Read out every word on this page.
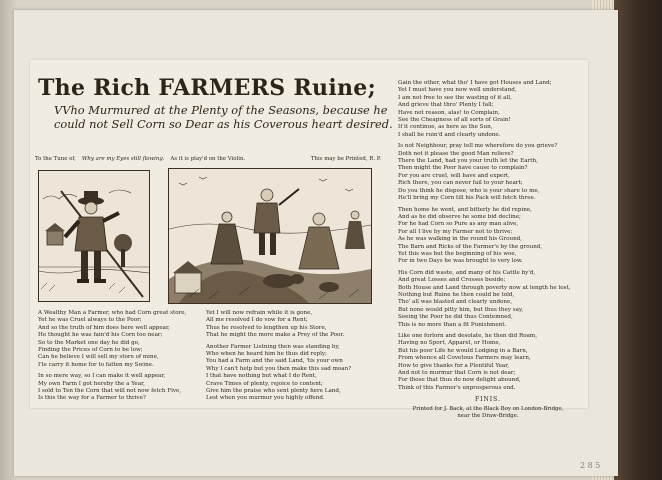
The Rich FARMERS Ruine;
VVho Murmured at the Plenty of the Seasons, because he could not Sell Corn so Dear as his Coverous heart desired.
To the Tune of, Why are my Eyes still flowing. As it is play'd on the Violin.	This may be Printed, R. P.

A Wealthy Man a Farmer, who had Corn great store,

Yet he was Cruel always to the Poor;

And so the truth of him does here well appear,

He thought he was fain'd his Corn too near;

So to the Market one day he did go,

Finding the Prices of Corn to be low;

Can he believe I will sell my store of mine,

I'le carry it home for to fatten my Swine.

In so mere way, so I can make it well appear,

My own Farm I got hereby the a Year,

I sold to Ten the Corn that will not now fetch Five,

Is this the way for a Farmer to thrive?

Yet I will now refrain while it is gone,

All me resolved I do vow for a Rent;

Thus he resolved to lengthen up his Store,

That he might the more make a Prey of the Poor.

Another Farmer Listning then was standing by,

Who when he heard him he thus did reply;

You had a Farm and the said Land, 'tis your own

Why I can't help but you then make this sad moan?

I that have nothing but what I do Rent,

Crave Times of plenty, rejoice to content;

Give him the praise who sent plenty here Land,

Lest when you murmur you highly offend.

Gain the other, what tho' I have got Houses and Land;

Yet I must have you now well understand,

I am not free to see the wasting of it all,

And grieve that thro' Plenty I fall;

Have not reason, alas! to Complain,

See the Cheapness of all sorts of Grain!

If it continue, as here as the Sun,

I shall be ruin'd and clearly undone.

Is not Neighbour, pray tell me wherefore do you grieve?

Doth not it please the good Man relieve?

There the Land, had you your truth let the Earth,

Then might the Poor have cause to complain?

For you are cruel, will have and expert,

Rich there, you can never fail to your heart;

Do you think he dispose, who is your share to me,

He'll bring my Corn till his Pack will fetch three.

Then home he went, and bitterly he did repine,

And as he did observe he some bid decline;

For he had Corn so Pure as any man alive,

For all I live by my Farmer not to thrive;

As he was walking in the round his Ground,

The Barn and Ricks of the Farmer's by the ground,

Yet this was but the beginning of his woe,

For in two Days he was brought to very low.

His Corn did waste, and many of his Cattle by'd,

And great Losses and Crosses beside;

Both House and Land through poverty now at length he lost,

Nothing but Ruine he then could be told,

Tho' all was blasted and clearly undone,

But none would pitty him, but thus they say,

Seeing the Poor he did thus Contemned,

This is no more than a fit Punishment.

Like one forlorn and desolate, he then did Roam,

Having no Sport, Apparel, or Home,

But his poor Life he would Lodging in a Barn,

From whence all Covetous Farmers may learn,

How to give thanks for a Plentiful Year,

And not to murmur that Corn is not dear;

For those that thus do now delight abound,

Think of this Farmer's unprosperous end.

FINIS.
Printed for J. Back, at the Black Boy on London-Bridge,
near the Draw-Bridge.
2 8 5
